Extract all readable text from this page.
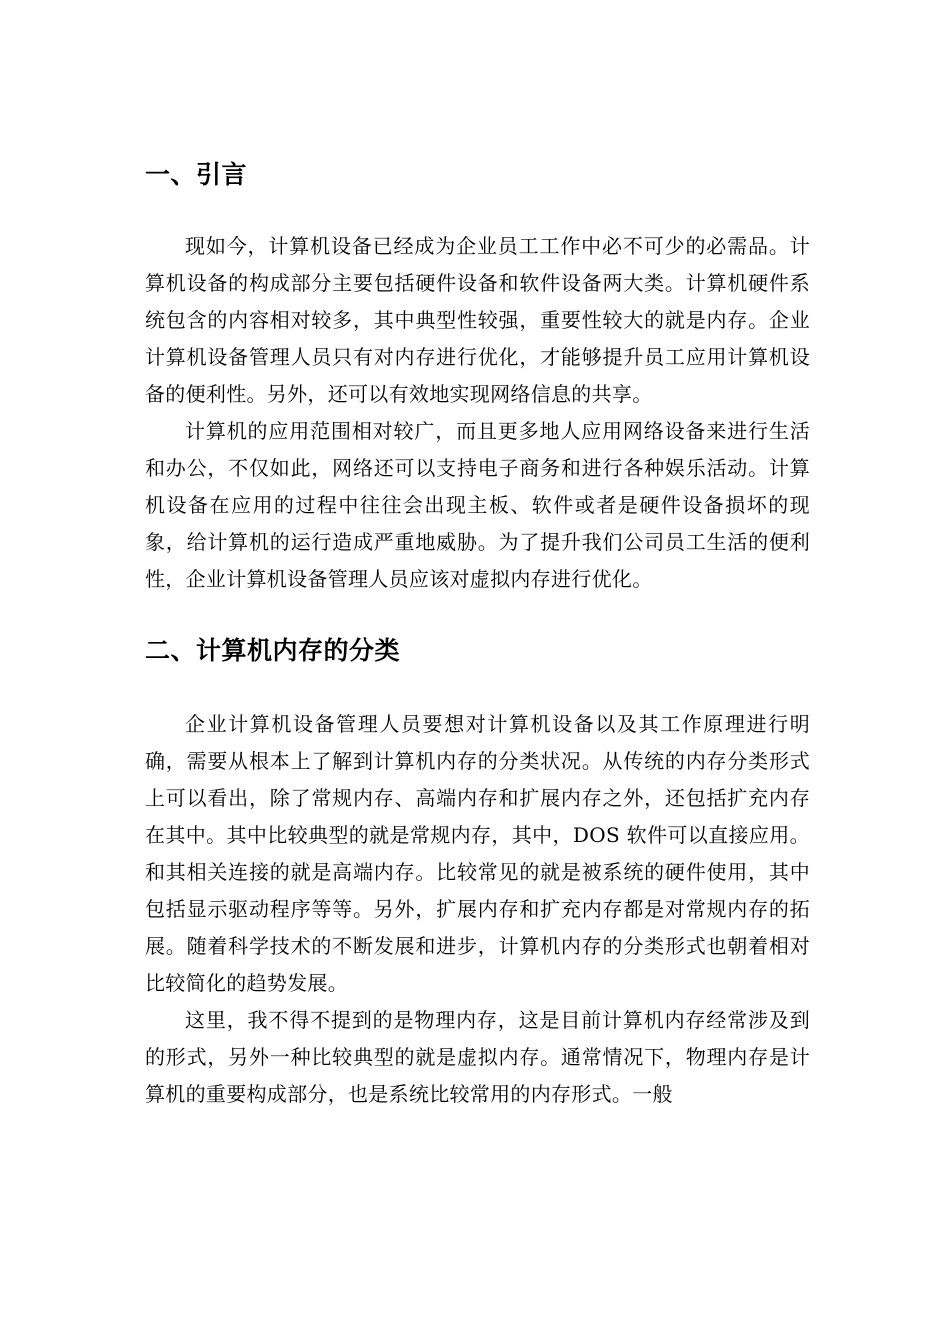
一、引言

现如今，计算机设备已经成为企业员工工作中必不可少的必需品。计算机设备的构成部分主要包括硬件设备和软件设备两大类。计算机硬件系统包含的内容相对较多，其中典型性较强，重要性较大的就是内存。企业计算机设备管理人员只有对内存进行优化，才能够提升员工应用计算机设备的便利性。另外，还可以有效地实现网络信息的共享。

计算机的应用范围相对较广，而且更多地人应用网络设备来进行生活和办公，不仅如此，网络还可以支持电子商务和进行各种娱乐活动。计算机设备在应用的过程中往往会出现主板、软件或者是硬件设备损坏的现象，给计算机的运行造成严重地威胁。为了提升我们公司员工生活的便利性，企业计算机设备管理人员应该对虚拟内存进行优化。

二、计算机内存的分类

企业计算机设备管理人员要想对计算机设备以及其工作原理进行明确，需要从根本上了解到计算机内存的分类状况。从传统的内存分类形式上可以看出，除了常规内存、高端内存和扩展内存之外，还包括扩充内存在其中。其中比较典型的就是常规内存，其中，DOS 软件可以直接应用。和其相关连接的就是高端内存。比较常见的就是被系统的硬件使用，其中包括显示驱动程序等等。另外，扩展内存和扩充内存都是对常规内存的拓展。随着科学技术的不断发展和进步，计算机内存的分类形式也朝着相对比较简化的趋势发展。

这里，我不得不提到的是物理内存，这是目前计算机内存经常涉及到的形式，另外一种比较典型的就是虚拟内存。通常情况下，物理内存是计算机的重要构成部分，也是系统比较常用的内存形式。一般
